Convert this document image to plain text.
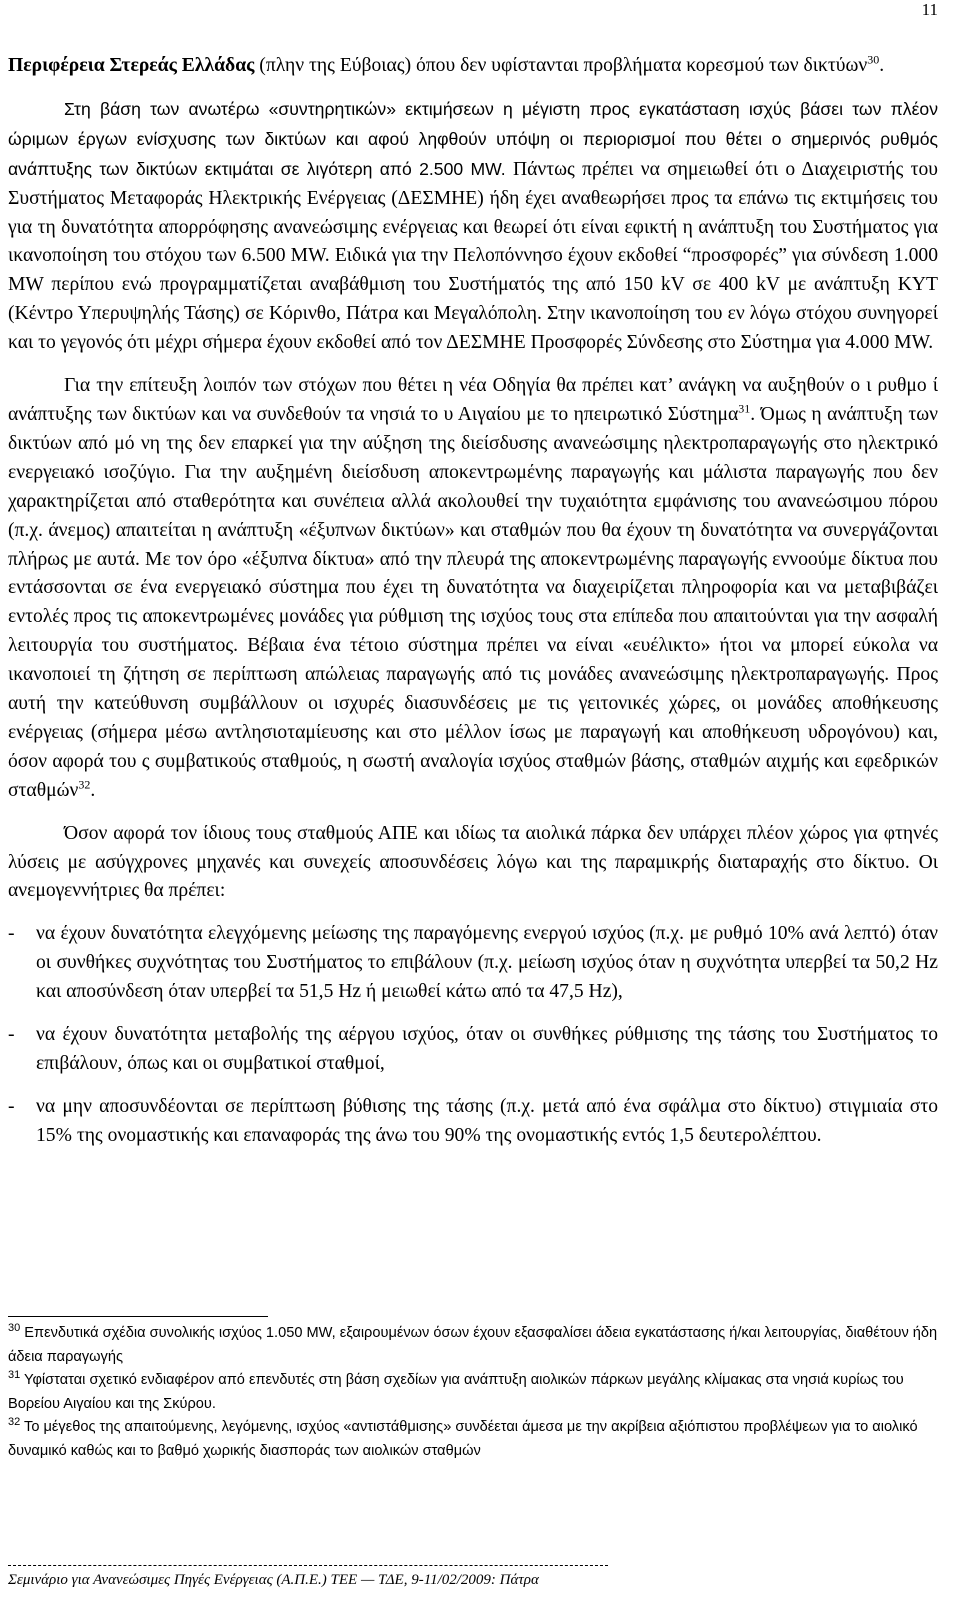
11

Περιφέρεια Στερεάς Ελλάδας (πλην της Εύβοιας) όπου δεν υφίστανται προβλήματα κορεσμού των δικτύων$^{30}$.

Στη βάση των ανωτέρω «συντηρητικών» εκτιμήσεων η μέγιστη προς εγκατάσταση ισχύς βάσει των πλέον ώριμων έργων ενίσχυσης των δικτύων και αφού ληφθούν υπόψη οι περιορισμοί που θέτει ο σημερινός ρυθμός ανάπτυξης των δικτύων εκτιμάται σε λιγότερη από 2.500 MW. Πάντως πρέπει να σημειωθεί ότι ο Διαχειριστής του Συστήματος Μεταφοράς Ηλεκτρικής Ενέργειας (ΔΕΣΜΗΕ) ήδη έχει αναθεωρήσει προς τα επάνω τις εκτιμήσεις του για τη δυνατότητα απορρόφησης ανανεώσιμης ενέργειας και θεωρεί ότι είναι εφικτή η ανάπτυξη του Συστήματος για ικανοποίηση του στόχου των 6.500 MW. Ειδικά για την Πελοπόννησο έχουν εκδοθεί “προσφορές” για σύνδεση 1.000 MW περίπου ενώ προγραμματίζεται αναβάθμιση του Συστήματός της από 150 kV σε 400 kV με ανάπτυξη ΚΥΤ (Κέντρο Υπερυψηλής Τάσης) σε Κόρινθο, Πάτρα και Μεγαλόπολη. Στην ικανοποίηση του εν λόγω στόχου συνηγορεί και το γεγονός ότι μέχρι σήμερα έχουν εκδοθεί από τον ΔΕΣΜΗΕ Προσφορές Σύνδεσης στο Σύστημα για 4.000 MW.

Για την επίτευξη λοιπόν των στόχων που θέτει η νέα Οδηγία θα πρέπει κατ’ ανάγκη να αυξηθούν ο ι ρυθμο ί ανάπτυξης των δικτύων και να συνδεθούν τα νησιά το υ Αιγαίου με το ηπειρωτικό Σύστημα$^{31}$. Όμως η ανάπτυξη των δικτύων από μό νη της δεν επαρκεί για την αύξηση της διείσδυσης ανανεώσιμης ηλεκτροπαραγωγής στο ηλεκτρικό ενεργειακό ισοζύγιο. Για την αυξημένη διείσδυση αποκεντρωμένης παραγωγής και μάλιστα παραγωγής που δεν χαρακτηρίζεται από σταθερότητα και συνέπεια αλλά ακολουθεί την τυχαιότητα εμφάνισης του ανανεώσιμου πόρου (π.χ. άνεμος) απαιτείται η ανάπτυξη «έξυπνων δικτύων» και σταθμών που θα έχουν τη δυνατότητα να συνεργάζονται πλήρως με αυτά. Με τον όρο «έξυπνα δίκτυα» από την πλευρά της αποκεντρωμένης παραγωγής εννοούμε δίκτυα που εντάσσονται σε ένα ενεργειακό σύστημα που έχει τη δυνατότητα να διαχειρίζεται πληροφορία και να μεταβιβάζει εντολές προς τις αποκεντρωμένες μονάδες για ρύθμιση της ισχύος τους στα επίπεδα που απαιτούνται για την ασφαλή λειτουργία του συστήματος. Βέβαια ένα τέτοιο σύστημα πρέπει να είναι «ευέλικτο» ήτοι να μπορεί εύκολα να ικανοποιεί τη ζήτηση σε περίπτωση απώλειας παραγωγής από τις μονάδες ανανεώσιμης ηλεκτροπαραγωγής. Προς αυτή την κατεύθυνση συμβάλλουν οι ισχυρές διασυνδέσεις με τις γειτονικές χώρες, οι μονάδες αποθήκευσης ενέργειας (σήμερα μέσω αντλησιοταμίευσης και στο μέλλον ίσως με παραγωγή και αποθήκευση υδρογόνου) και, όσον αφορά του ς συμβατικούς σταθμούς, η σωστή αναλογία ισχύος σταθμών βάσης, σταθμών αιχμής και εφεδρικών σταθμών$^{32}$.

Όσον αφορά τον ίδιους τους σταθμούς ΑΠΕ και ιδίως τα αιολικά πάρκα δεν υπάρχει πλέον χώρος για φτηνές λύσεις με ασύγχρονες μηχανές και συνεχείς αποσυνδέσεις λόγω και της παραμικρής διαταραχής στο δίκτυο. Οι ανεμογεννήτριες θα πρέπει:

- να έχουν δυνατότητα ελεγχόμενης μείωσης της παραγόμενης ενεργού ισχύος (π.χ. με ρυθμό 10% ανά λεπτό) όταν οι συνθήκες συχνότητας του Συστήματος το επιβάλουν (π.χ. μείωση ισχύος όταν η συχνότητα υπερβεί τα 50,2 Hz και αποσύνδεση όταν υπερβεί τα 51,5 Hz ή μειωθεί κάτω από τα 47,5 Hz),

- να έχουν δυνατότητα μεταβολής της αέργου ισχύος, όταν οι συνθήκες ρύθμισης της τάσης του Συστήματος το επιβάλουν, όπως και οι συμβατικοί σταθμοί,

- να μην αποσυνδέονται σε περίπτωση βύθισης της τάσης (π.χ. μετά από ένα σφάλμα στο δίκτυο) στιγμιαία στο 15% της ονομαστικής και επαναφοράς της άνω του 90% της ονομαστικής εντός 1,5 δευτερολέπτου.

$^{30}$ Επενδυτικά σχέδια συνολικής ισχύος 1.050 MW, εξαιρουμένων όσων έχουν εξασφαλίσει άδεια εγκατάστασης ή/και λειτουργίας, διαθέτουν ήδη άδεια παραγωγής

$^{31}$ Υφίσταται σχετικό ενδιαφέρον από επενδυτές στη βάση σχεδίων για ανάπτυξη αιολικών πάρκων μεγάλης κλίμακας στα νησιά κυρίως του Βορείου Αιγαίου και της Σκύρου.

$^{32}$ Το μέγεθος της απαιτούμενης, λεγόμενης, ισχύος «αντιστάθμισης» συνδέεται άμεσα με την ακρίβεια αξιόπιστου προβλέψεων για το αιολικό δυναμικό καθώς και το βαθμό χωρικής διασποράς των αιολικών σταθμών

Σεμινάριο για Ανανεώσιμες Πηγές Ενέργειας (Α.Π.Ε.) ΤΕΕ — ΤΔΕ, 9-11/02/2009: Πάτρα
